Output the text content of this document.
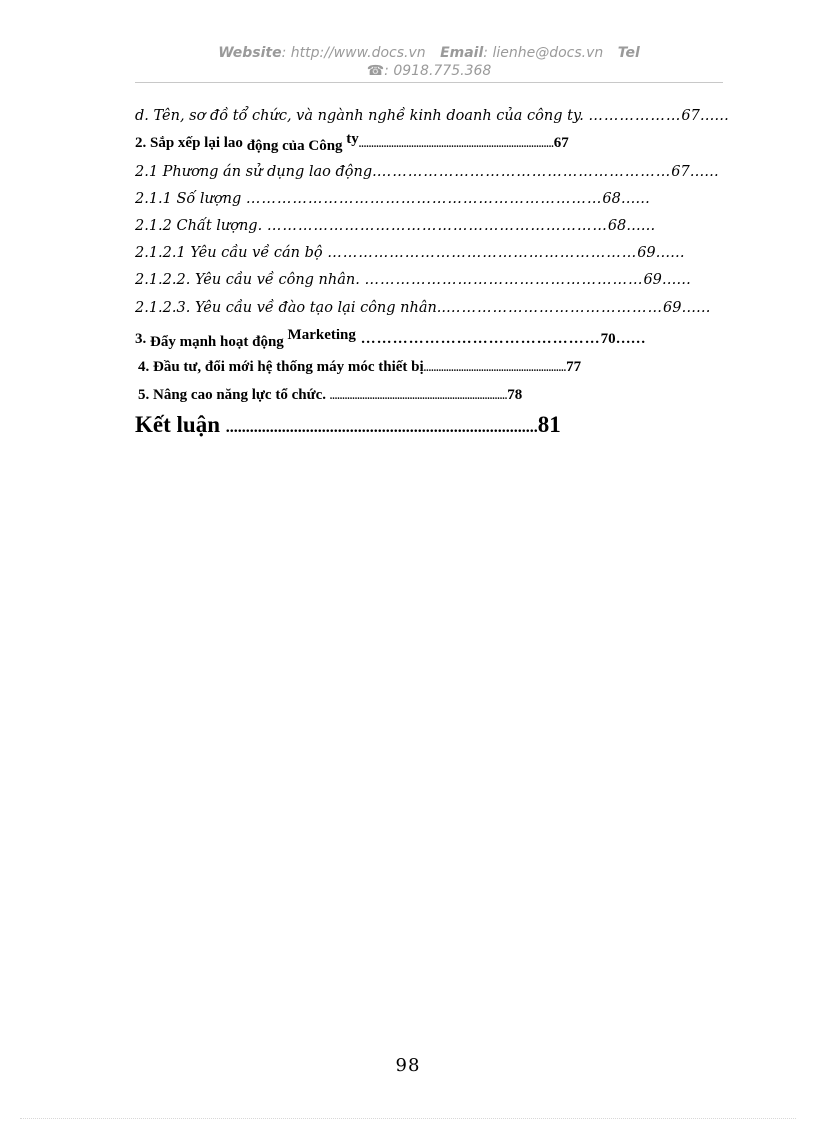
Website: http://www.docs.vn Email: lienhe@docs.vn Tel
☎: 0918.775.368
d. Tên, sơ đồ tổ chức, và ngành nghề kinh doanh của công ty. ………………67……
2. Sắp xếp lại lao động của Công ty..............................................................................67
2.1 Phương án sử dụng lao động.…………………………………………………67……
2.1.1 Số lượng ……………………………………………………………68……
2.1.2 Chất lượng. …………………………………………………………68……
2.1.2.1 Yêu cầu về cán bộ ……………………………………………………69……
2.1.2.2. Yêu cầu về công nhân. ………………………………………………69……
2.1.2.3. Yêu cầu về đào tạo lại công nhân..……………………………………69……
3. Đẩy mạnh hoạt động Marketing ………………………………………70……
4. Đầu tư, đổi mới hệ thống máy móc thiết bị.........................................................77
5. Nâng cao năng lực tổ chức. .......................................................................78
Kết luận ..............................................................................81
98
